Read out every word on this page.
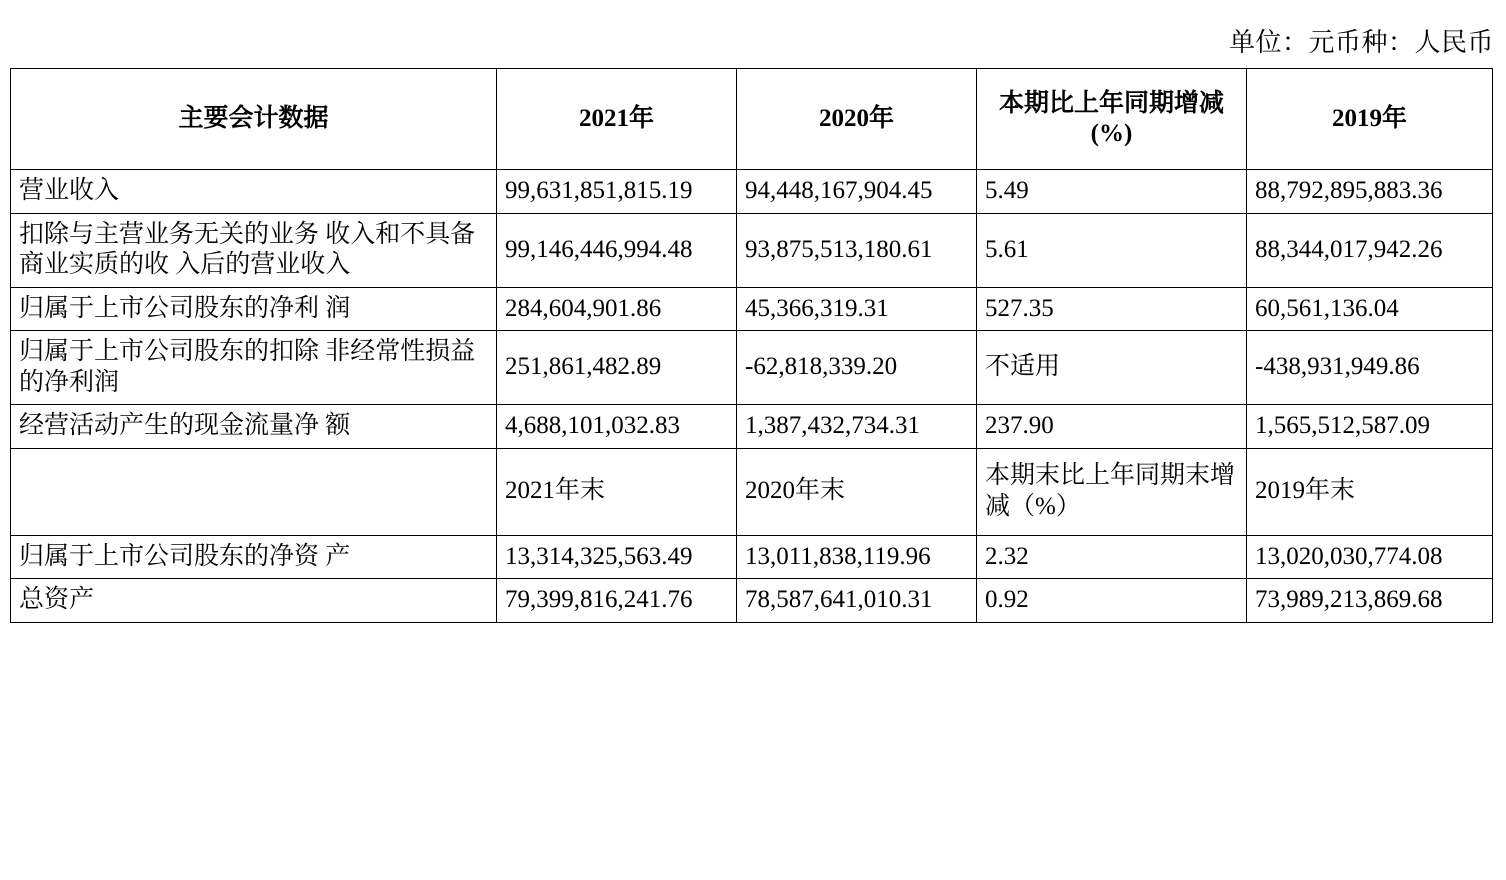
单位：元币种：人民币
主要会计数据	2021年	2020年	本期比上年同期增减(%)	2019年
营业收入	99,631,851,815.19	94,448,167,904.45	5.49	88,792,895,883.36
扣除与主营业务无关的业务 收入和不具备商业实质的收 入后的营业收入	99,146,446,994.48	93,875,513,180.61	5.61	88,344,017,942.26
归属于上市公司股东的净利 润	284,604,901.86	45,366,319.31	527.35	60,561,136.04
归属于上市公司股东的扣除 非经常性损益的净利润	251,861,482.89	-62,818,339.20	不适用	-438,931,949.86
经营活动产生的现金流量净 额	4,688,101,032.83	1,387,432,734.31	237.90	1,565,512,587.09
	2021年末	2020年末	本期末比上年同期末增减（%）	2019年末
归属于上市公司股东的净资 产	13,314,325,563.49	13,011,838,119.96	2.32	13,020,030,774.08
总资产	79,399,816,241.76	78,587,641,010.31	0.92	73,989,213,869.68
